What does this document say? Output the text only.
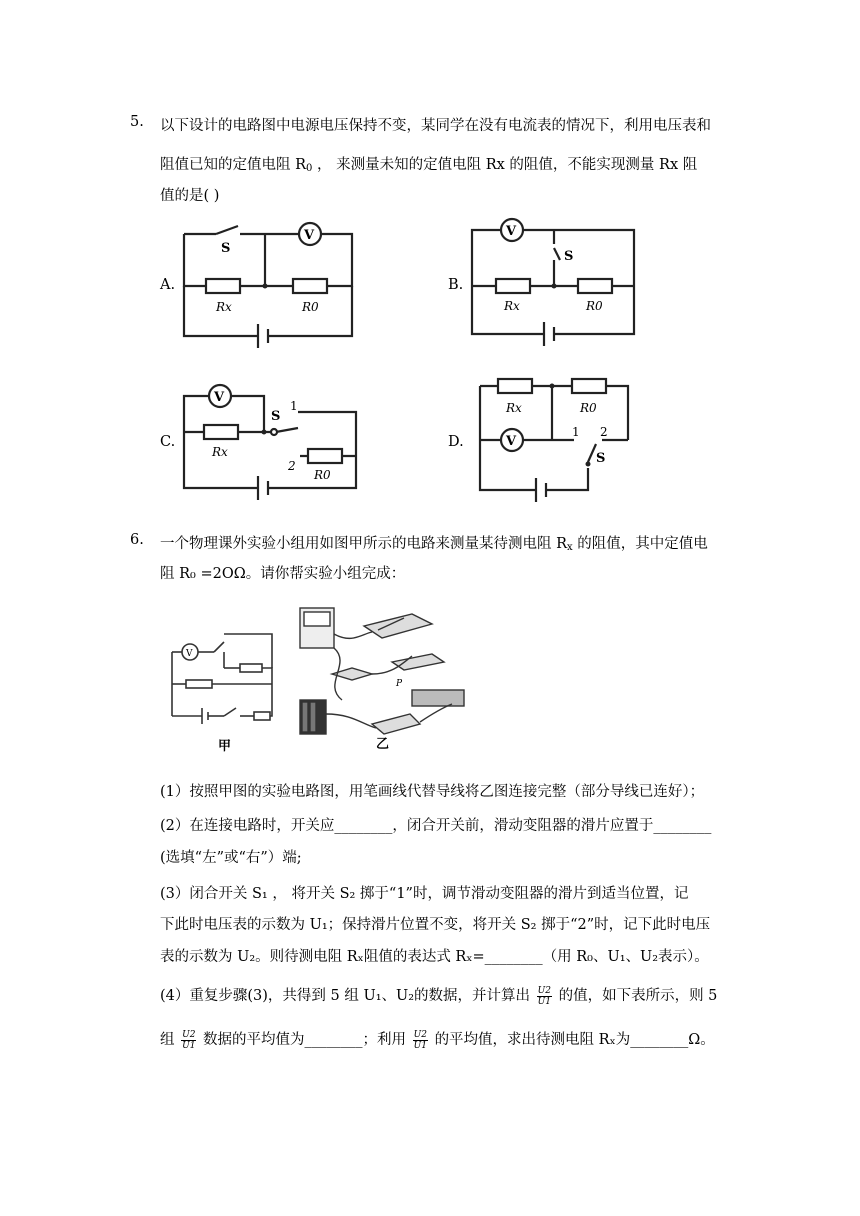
5. 以下设计的电路图中电源电压保持不变，某同学在没有电流表的情况下，利用电压表和
阻值已知的定值电阻 $R_0$ ， 来测量未知的定值电阻 Rx 的阻值，不能实现测量 Rx 阻
值的是( )
A.	B.
C.	D.
V
S
Rx	R0
V
S
Rx	R0
V
S
1
2
Rx
R0
V
S
1 2
Rx	R0
6. 一个物理课外实验小组用如图甲所示的电路来测量某待测电阻 $R_x$ 的阻值，其中定值电
阻 R₀ =2OΩ。请你帮实验小组完成：
V
甲
P
乙
(1）按照甲图的实验电路图，用笔画线代替导线将乙图连接完整（部分导线已连好）；
(2）在连接电路时，开关应________，闭合开关前，滑动变阻器的滑片应置于________
(选填“左”或“右”）端;
(3）闭合开关 S₁ ， 将开关 S₂ 掷于“1”时，调节滑动变阻器的滑片到适当位置，记
下此时电压表的示数为 U₁；保持滑片位置不变，将开关 S₂ 掷于“2”时，记下此时电压
表的示数为 U₂。则待测电阻 Rₓ阻值的表达式 Rₓ=________（用 R₀、U₁、U₂表示）。
(4）重复步骤(3)，共得到 5 组 U₁、U₂的数据，并计算出 $\frac{U2}{U1}$ 的值，如下表所示，则 5
组 $\frac{U2}{U1}$ 数据的平均值为________；利用 $\frac{U2}{U1}$ 的平均值，求出待测电阻 Rₓ为________Ω。
